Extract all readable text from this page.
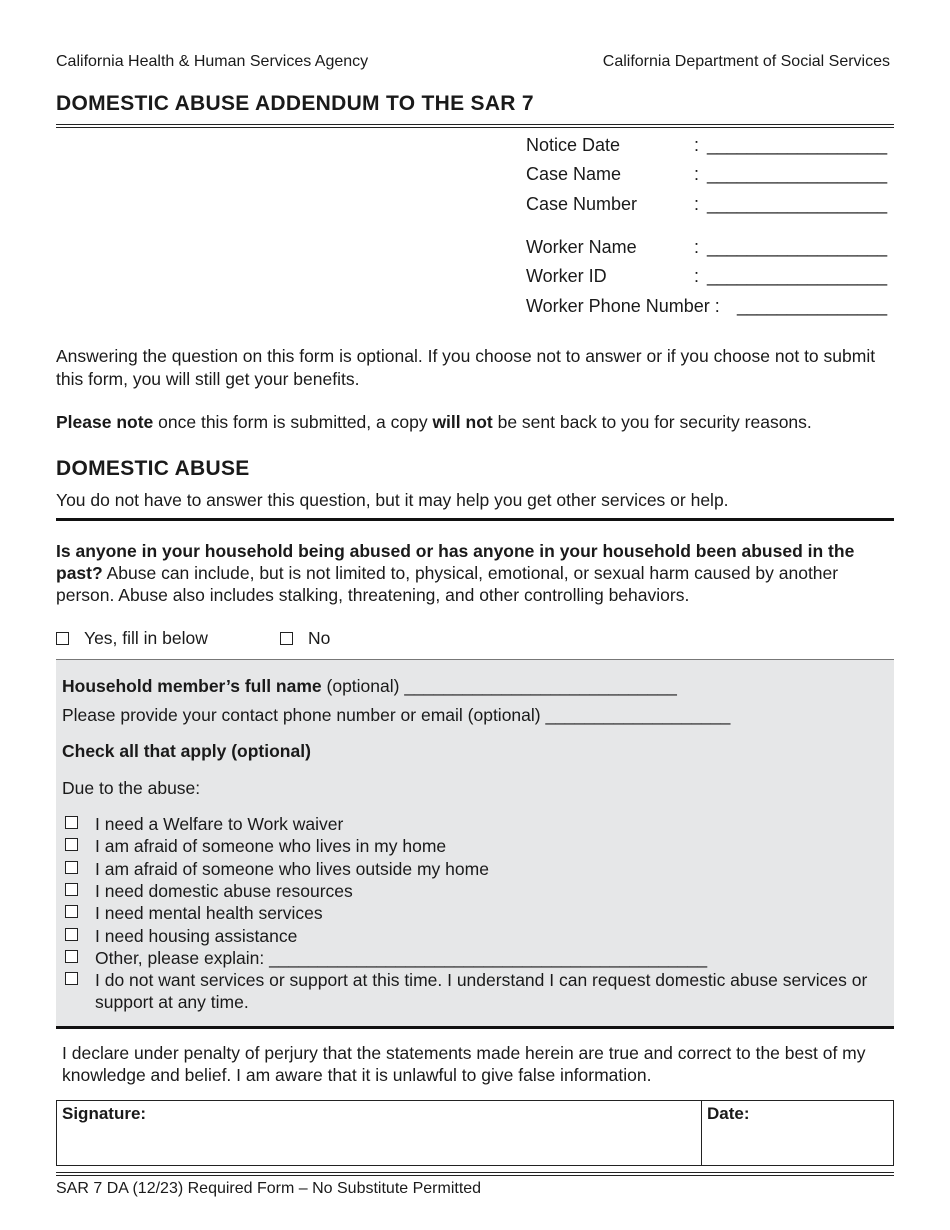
California Health & Human Services Agency	California Department of Social Services
DOMESTIC ABUSE ADDENDUM TO THE SAR 7
Notice Date	: __________________
Case Name	: __________________
Case Number	: __________________
Worker Name	: __________________
Worker ID	: __________________
Worker Phone Number : _______________
Answering the question on this form is optional. If you choose not to answer or if you choose not to submit this form, you will still get your benefits.
Please note once this form is submitted, a copy will not be sent back to you for security reasons.
DOMESTIC ABUSE
You do not have to answer this question, but it may help you get other services or help.
Is anyone in your household being abused or has anyone in your household been abused in the past? Abuse can include, but is not limited to, physical, emotional, or sexual harm caused by another person. Abuse also includes stalking, threatening, and other controlling behaviors.
Yes, fill in below	No
Household member’s full name (optional) ____________________________
Please provide your contact phone number or email (optional) ___________________
Check all that apply (optional)
Due to the abuse:
I need a Welfare to Work waiver
I am afraid of someone who lives in my home
I am afraid of someone who lives outside my home
I need domestic abuse resources
I need mental health services
I need housing assistance
Other, please explain: _____________________________________________
I do not want services or support at this time. I understand I can request domestic abuse services or support at any time.
I declare under penalty of perjury that the statements made herein are true and correct to the best of my knowledge and belief. I am aware that it is unlawful to give false information.
Signature:	Date:
SAR 7 DA (12/23) Required Form – No Substitute Permitted
